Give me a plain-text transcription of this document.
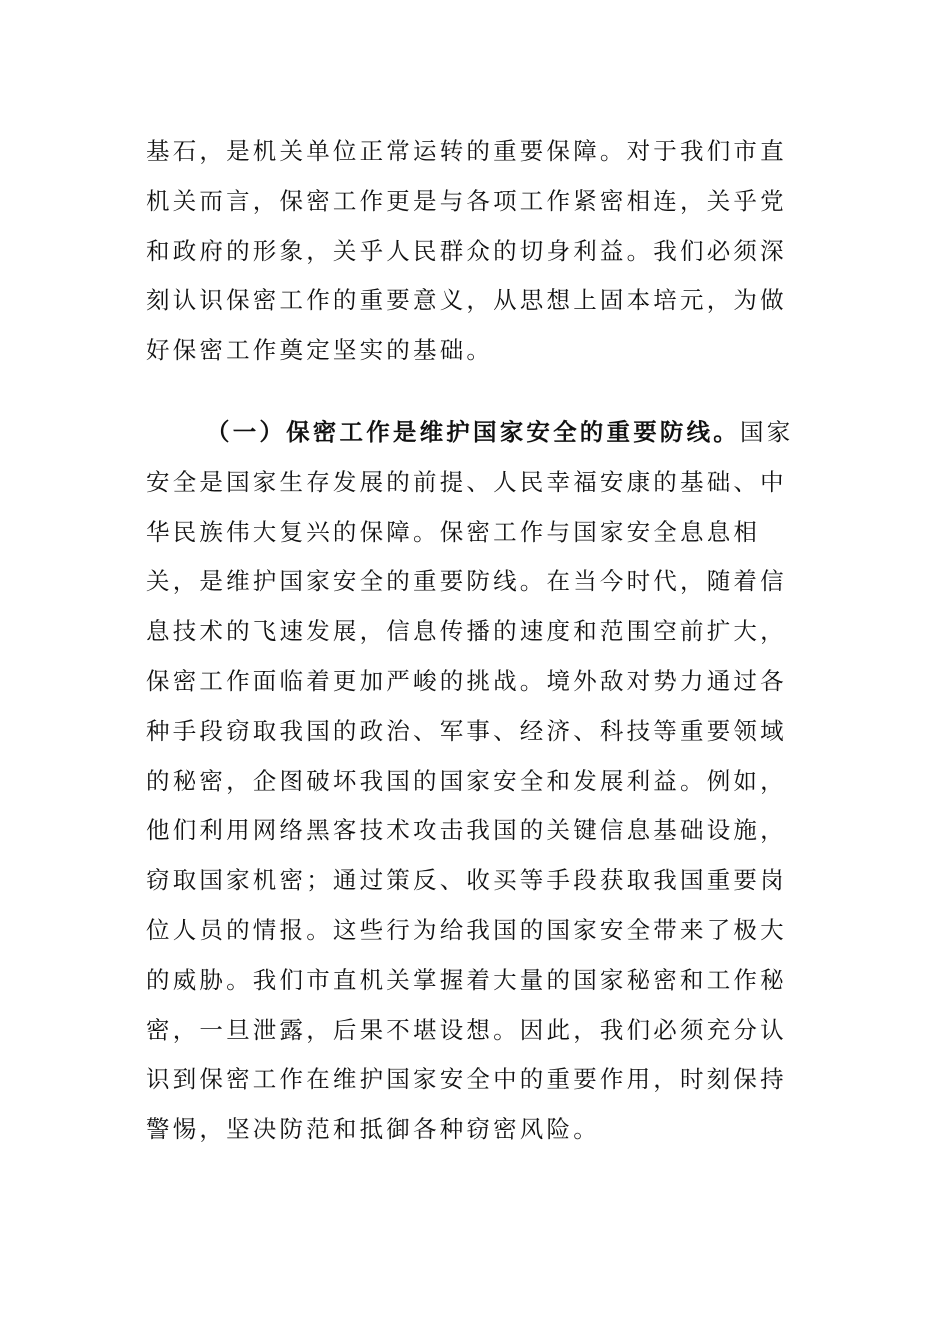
基石，是机关单位正常运转的重要保障。对于我们市直机关而言，保密工作更是与各项工作紧密相连，关乎党和政府的形象，关乎人民群众的切身利益。我们必须深刻认识保密工作的重要意义，从思想上固本培元，为做好保密工作奠定坚实的基础。

（一）保密工作是维护国家安全的重要防线。国家安全是国家生存发展的前提、人民幸福安康的基础、中华民族伟大复兴的保障。保密工作与国家安全息息相关，是维护国家安全的重要防线。在当今时代，随着信息技术的飞速发展，信息传播的速度和范围空前扩大，保密工作面临着更加严峻的挑战。境外敌对势力通过各种手段窃取我国的政治、军事、经济、科技等重要领域的秘密，企图破坏我国的国家安全和发展利益。例如，他们利用网络黑客技术攻击我国的关键信息基础设施，窃取国家机密；通过策反、收买等手段获取我国重要岗位人员的情报。这些行为给我国的国家安全带来了极大的威胁。我们市直机关掌握着大量的国家秘密和工作秘密，一旦泄露，后果不堪设想。因此，我们必须充分认识到保密工作在维护国家安全中的重要作用，时刻保持警惕，坚决防范和抵御各种窃密风险。
